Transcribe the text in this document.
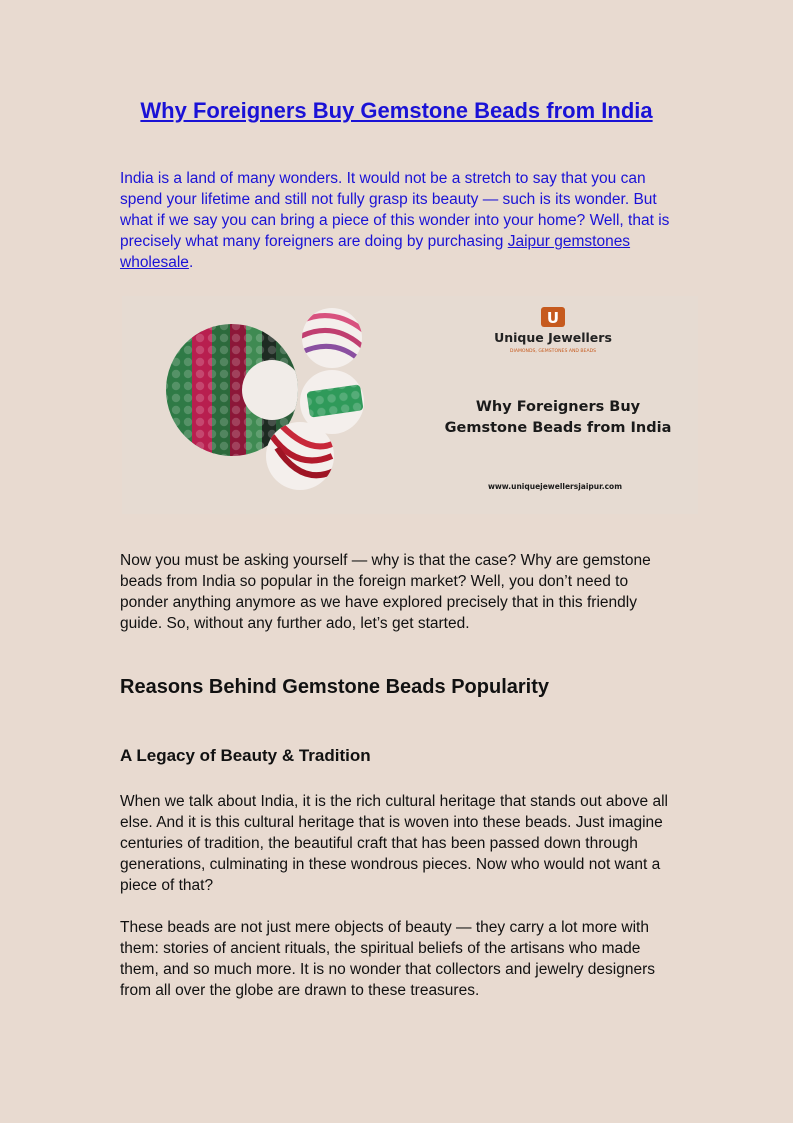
Why Foreigners Buy Gemstone Beads from India

India is a land of many wonders. It would not be a stretch to say that you can spend your lifetime and still not fully grasp its beauty — such is its wonder. But what if we say you can bring a piece of this wonder into your home? Well, that is precisely what many foreigners are doing by purchasing Jaipur gemstones wholesale.

U
Unique Jewellers
DIAMONDS, GEMSTONES AND BEADS
Why Foreigners Buy
Gemstone Beads from India
www.uniquejewellersjaipur.com

Now you must be asking yourself — why is that the case? Why are gemstone beads from India so popular in the foreign market? Well, you don’t need to ponder anything anymore as we have explored precisely that in this friendly guide. So, without any further ado, let’s get started.

Reasons Behind Gemstone Beads Popularity
A Legacy of Beauty & Tradition

When we talk about India, it is the rich cultural heritage that stands out above all else. And it is this cultural heritage that is woven into these beads. Just imagine centuries of tradition, the beautiful craft that has been passed down through generations, culminating in these wondrous pieces. Now who would not want a piece of that?

These beads are not just mere objects of beauty — they carry a lot more with them: stories of ancient rituals, the spiritual beliefs of the artisans who made them, and so much more. It is no wonder that collectors and jewelry designers from all over the globe are drawn to these treasures.
